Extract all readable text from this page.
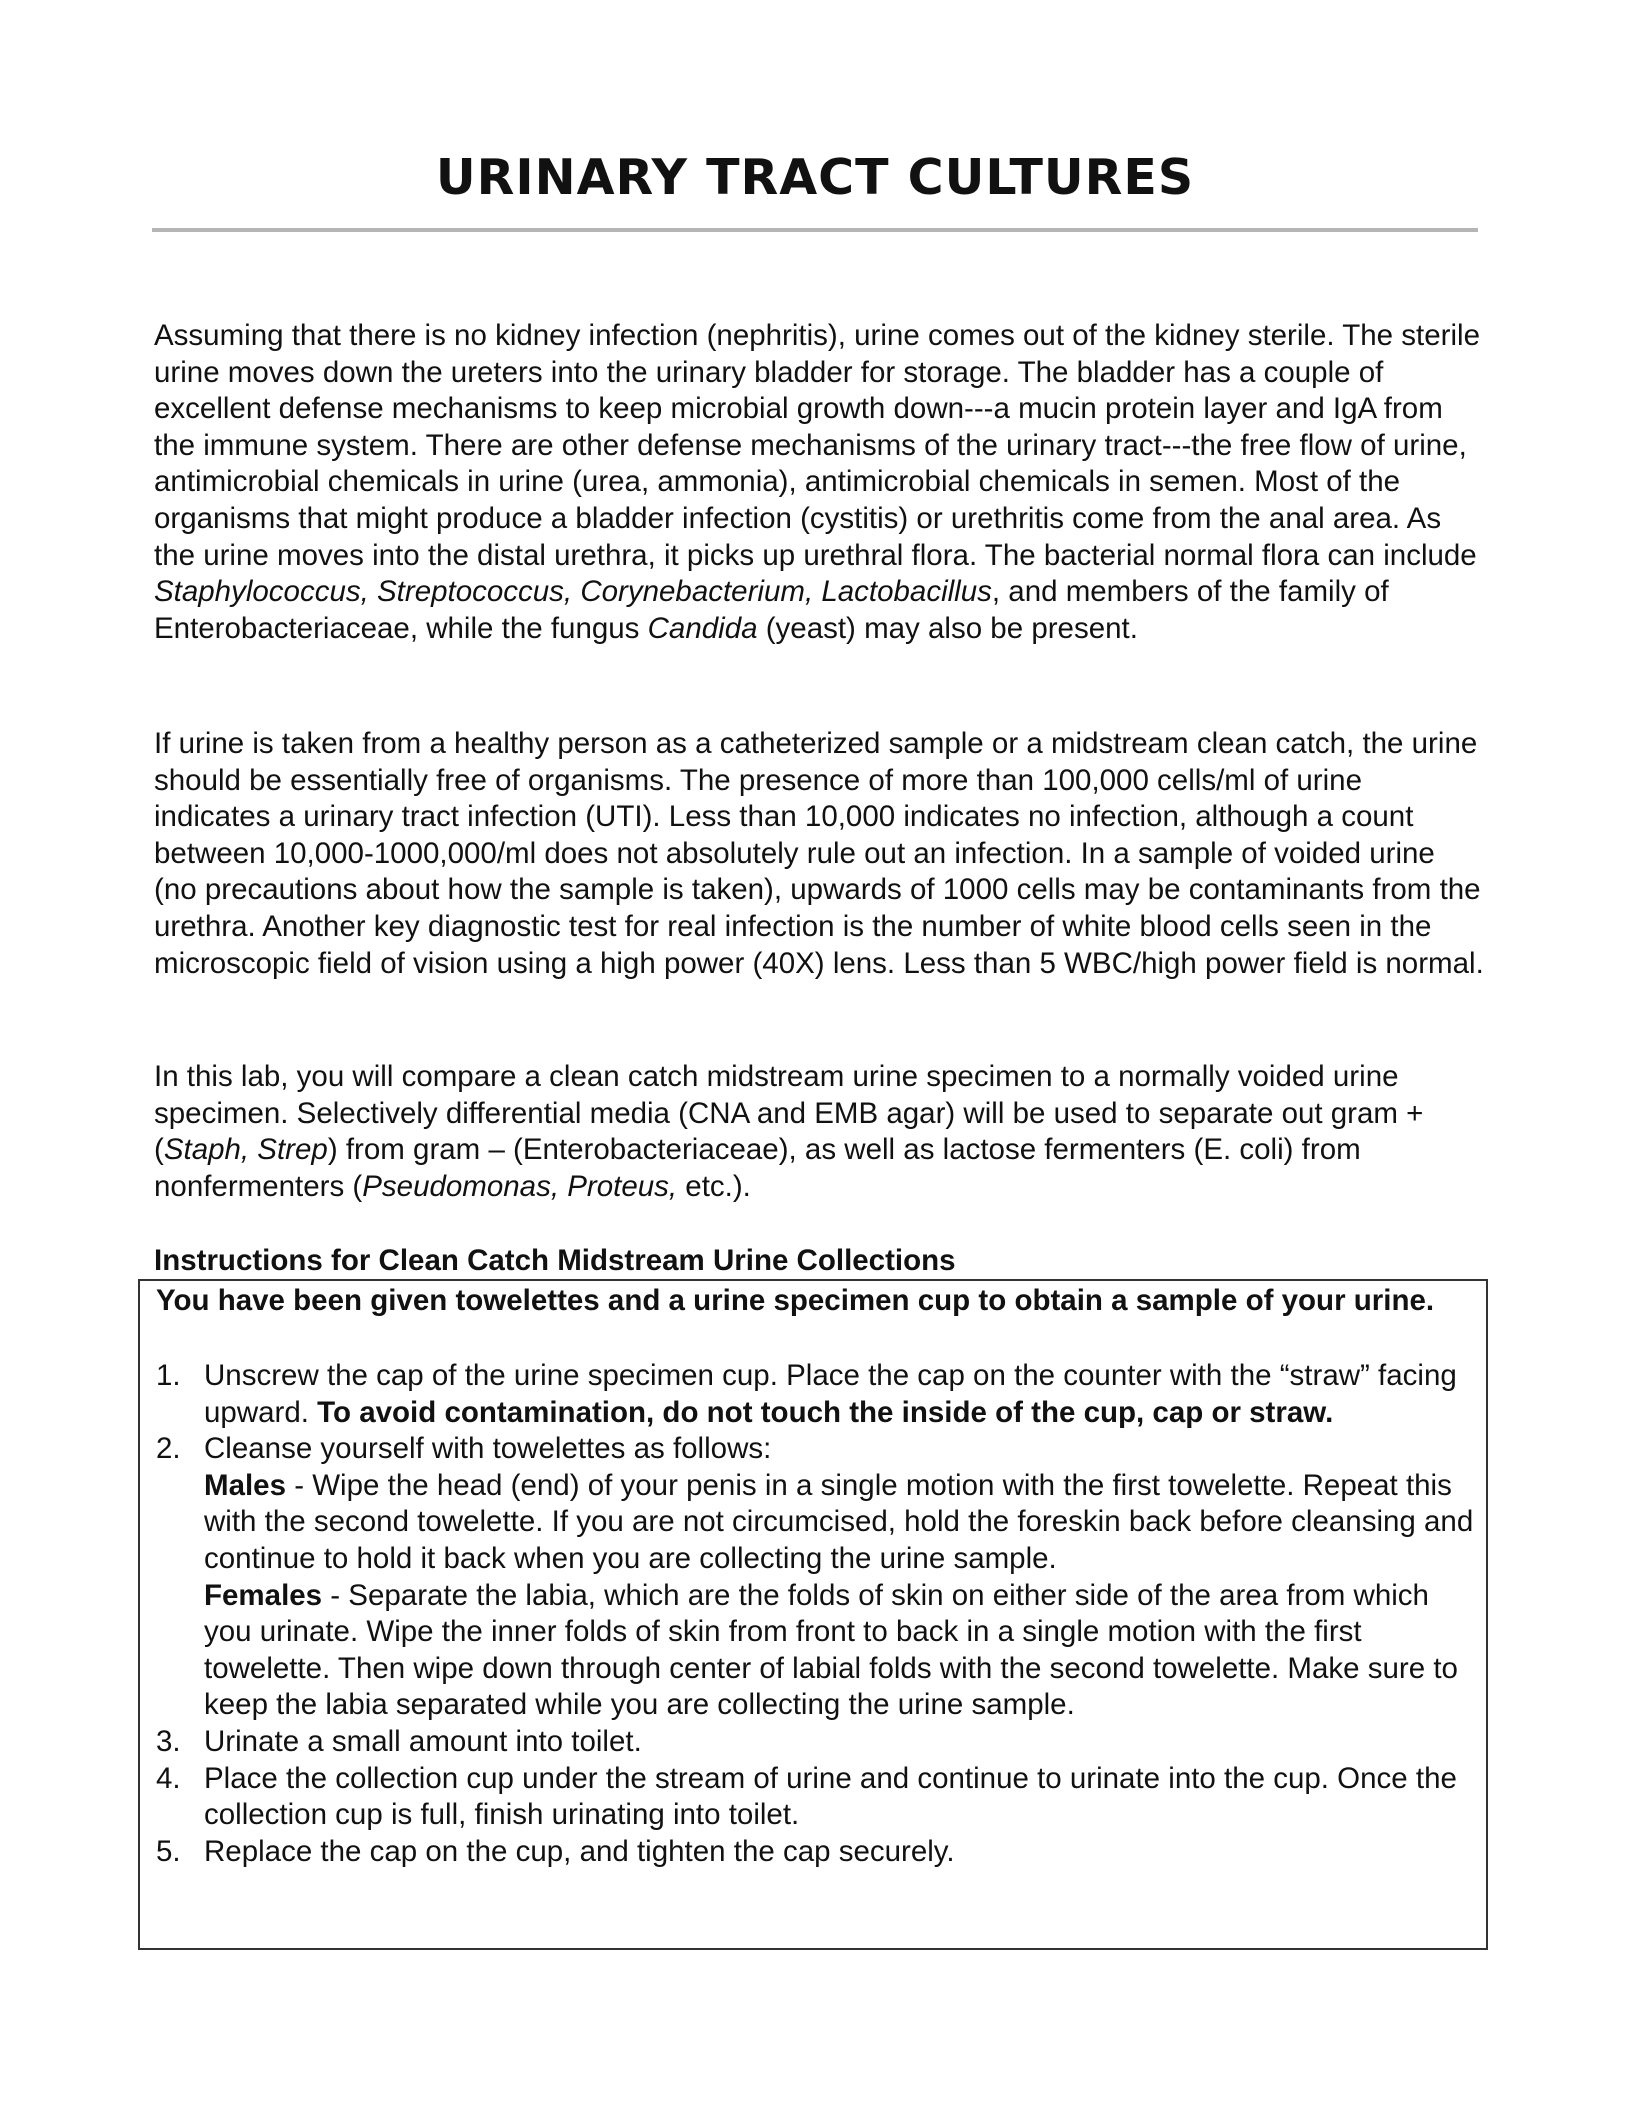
URINARY TRACT CULTURES

Assuming that there is no kidney infection (nephritis), urine comes out of the kidney sterile. The sterile urine moves down the ureters into the urinary bladder for storage. The bladder has a couple of excellent defense mechanisms to keep microbial growth down---a mucin protein layer and IgA from the immune system. There are other defense mechanisms of the urinary tract---the free flow of urine, antimicrobial chemicals in urine (urea, ammonia), antimicrobial chemicals in semen. Most of the organisms that might produce a bladder infection (cystitis) or urethritis come from the anal area. As the urine moves into the distal urethra, it picks up urethral flora. The bacterial normal flora can include Staphylococcus, Streptococcus, Corynebacterium, Lactobacillus, and members of the family of Enterobacteriaceae, while the fungus Candida (yeast) may also be present.

If urine is taken from a healthy person as a catheterized sample or a midstream clean catch, the urine should be essentially free of organisms. The presence of more than 100,000 cells/ml of urine indicates a urinary tract infection (UTI). Less than 10,000 indicates no infection, although a count between 10,000-1000,000/ml does not absolutely rule out an infection. In a sample of voided urine (no precautions about how the sample is taken), upwards of 1000 cells may be contaminants from the urethra. Another key diagnostic test for real infection is the number of white blood cells seen in the microscopic field of vision using a high power (40X) lens. Less than 5 WBC/high power field is normal.

In this lab, you will compare a clean catch midstream urine specimen to a normally voided urine specimen. Selectively differential media (CNA and EMB agar) will be used to separate out gram + (Staph, Strep) from gram – (Enterobacteriaceae), as well as lactose fermenters (E. coli) from nonfermenters (Pseudomonas, Proteus, etc.).

Instructions for Clean Catch Midstream Urine Collections

You have been given towelettes and a urine specimen cup to obtain a sample of your urine.

1. Unscrew the cap of the urine specimen cup. Place the cap on the counter with the “straw” facing upward. To avoid contamination, do not touch the inside of the cup, cap or straw.
2. Cleanse yourself with towelettes as follows:
Males - Wipe the head (end) of your penis in a single motion with the first towelette. Repeat this with the second towelette. If you are not circumcised, hold the foreskin back before cleansing and continue to hold it back when you are collecting the urine sample.
Females - Separate the labia, which are the folds of skin on either side of the area from which you urinate. Wipe the inner folds of skin from front to back in a single motion with the first towelette. Then wipe down through center of labial folds with the second towelette. Make sure to keep the labia separated while you are collecting the urine sample.
3. Urinate a small amount into toilet.
4. Place the collection cup under the stream of urine and continue to urinate into the cup. Once the collection cup is full, finish urinating into toilet.
5. Replace the cap on the cup, and tighten the cap securely.
